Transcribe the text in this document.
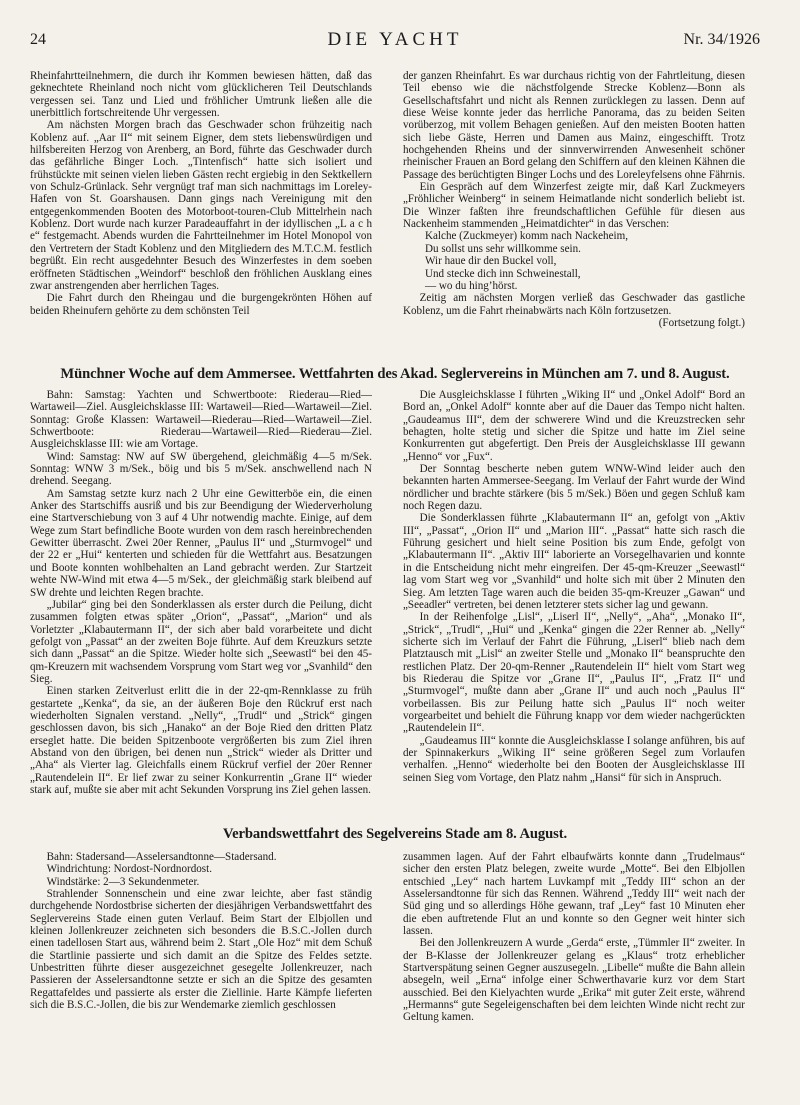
24	DIE YACHT	Nr. 34/1926

Rheinfahrtteilnehmern, die durch ihr Kommen bewiesen hätten, daß das geknechtete Rheinland noch nicht vom glücklicheren Teil Deutschlands vergessen sei. Tanz und Lied und fröhlicher Umtrunk ließen alle die unerbittlich fortschreitende Uhr vergessen.

Am nächsten Morgen brach das Geschwader schon frühzeitig nach Koblenz auf. „Aar II“ mit seinem Eigner, dem stets liebenswürdigen und hilfsbereiten Herzog von Arenberg, an Bord, führte das Geschwader durch das gefährliche Binger Loch. „Tintenfisch“ hatte sich isoliert und frühstückte mit seinen vielen lieben Gästen recht ergiebig in den Sektkellern von Schulz-Grünlack. Sehr vergnügt traf man sich nachmittags im Loreley-Hafen von St. Goarshausen. Dann gings nach Vereinigung mit den entgegenkommenden Booten des Motorboot-touren-Club Mittelrhein nach Koblenz. Dort wurde nach kurzer Paradeauffahrt in der idyllischen „L a c h e“ festgemacht. Abends wurden die Fahrtteilnehmer im Hotel Monopol von den Vertretern der Stadt Koblenz und den Mitgliedern des M.T.C.M. festlich begrüßt. Ein recht ausgedehnter Besuch des Winzerfestes in dem soeben eröffneten Städtischen „Weindorf“ beschloß den fröhlichen Ausklang eines zwar anstrengenden aber herrlichen Tages.

Die Fahrt durch den Rheingau und die burgengekrönten Höhen auf beiden Rheinufern gehörte zu dem schönsten Teil

der ganzen Rheinfahrt. Es war durchaus richtig von der Fahrtleitung, diesen Teil ebenso wie die nächstfolgende Strecke Koblenz—Bonn als Gesellschaftsfahrt und nicht als Rennen zurücklegen zu lassen. Denn auf diese Weise konnte jeder das herrliche Panorama, das zu beiden Seiten vorüberzog, mit vollem Behagen genießen. Auf den meisten Booten hatten sich liebe Gäste, Herren und Damen aus Mainz, eingeschifft. Trotz hochgehenden Rheins und der sinnverwirrenden Anwesenheit schöner rheinischer Frauen an Bord gelang den Schiffern auf den kleinen Kähnen die Passage des berüchtigten Binger Lochs und des Loreleyfelsens ohne Fährnis.

Ein Gespräch auf dem Winzerfest zeigte mir, daß Karl Zuckmeyers „Fröhlicher Weinberg“ in seinem Heimatlande nicht sonderlich beliebt ist. Die Winzer faßten ihre freundschaftlichen Gefühle für diesen aus Nackenheim stammenden „Heimatdichter“ in das Verschen:

Kalche (Zuckmeyer) komm nach Nackeheim,

Du sollst uns sehr willkomme sein.

Wir haue dir den Buckel voll,

Und stecke dich inn Schweinestall,

— wo du hing’hörst.

Zeitig am nächsten Morgen verließ das Geschwader das gastliche Koblenz, um die Fahrt rheinabwärts nach Köln fortzusetzen.

(Fortsetzung folgt.)

Münchner Woche auf dem Ammersee. Wettfahrten des Akad. Seglervereins in München am 7. und 8. August.

Bahn: Samstag: Yachten und Schwertboote: Riederau—Ried—Wartaweil—Ziel. Ausgleichsklasse III: Wartaweil—Ried—Wartaweil—Ziel. Sonntag: Große Klassen: Wartaweil—Riederau—Ried—Wartaweil—Ziel. Schwertboote: Riederau—Wartaweil—Ried—Riederau—Ziel. Ausgleichsklasse III: wie am Vortage.

Wind: Samstag: NW auf SW übergehend, gleichmäßig 4—5 m/Sek. Sonntag: WNW 3 m/Sek., böig und bis 5 m/Sek. anschwellend nach N drehend. Seegang.

Am Samstag setzte kurz nach 2 Uhr eine Gewitterböe ein, die einen Anker des Startschiffs ausriß und bis zur Beendigung der Wiederverholung eine Startverschiebung von 3 auf 4 Uhr notwendig machte. Einige, auf dem Wege zum Start befindliche Boote wurden von dem rasch hereinbrechenden Gewitter überrascht. Zwei 20er Renner, „Paulus II“ und „Sturmvogel“ und der 22 er „Hui“ kenterten und schieden für die Wettfahrt aus. Besatzungen und Boote konnten wohlbehalten an Land gebracht werden. Zur Startzeit wehte NW-Wind mit etwa 4—5 m/Sek., der gleichmäßig stark bleibend auf SW drehte und leichten Regen brachte.

„Jubilar“ ging bei den Sonderklassen als erster durch die Peilung, dicht zusammen folgten etwas später „Orion“, „Passat“, „Marion“ und als Vorletzter „Klabautermann II“, der sich aber bald vorarbeitete und dicht gefolgt von „Passat“ an der zweiten Boje führte. Auf dem Kreuzkurs setzte sich dann „Passat“ an die Spitze. Wieder holte sich „Seewastl“ bei den 45-qm-Kreuzern mit wachsendem Vorsprung vom Start weg vor „Svanhild“ den Sieg.

Einen starken Zeitverlust erlitt die in der 22-qm-Rennklasse zu früh gestartete „Kenka“, da sie, an der äußeren Boje den Rückruf erst nach wiederholten Signalen verstand. „Nelly“, „Trudl“ und „Strick“ gingen geschlossen davon, bis sich „Hanako“ an der Boje Ried den dritten Platz erseglet hatte. Die beiden Spitzenboote vergrößerten bis zum Ziel ihren Abstand von den übrigen, bei denen nun „Strick“ wieder als Dritter und „Aha“ als Vierter lag. Gleichfalls einem Rückruf verfiel der 20er Renner „Rautendelein II“. Er lief zwar zu seiner Konkurrentin „Grane II“ wieder stark auf, mußte sie aber mit acht Sekunden Vorsprung ins Ziel gehen lassen.

Die Ausgleichsklasse I führten „Wiking II“ und „Onkel Adolf“ Bord an Bord an, „Onkel Adolf“ konnte aber auf die Dauer das Tempo nicht halten. „Gaudeamus III“, dem der schwerere Wind und die Kreuzstrecken sehr behagten, holte stetig und sicher die Spitze und hatte im Ziel seine Konkurrenten gut abgefertigt. Den Preis der Ausgleichsklasse III gewann „Henno“ vor „Fux“.

Der Sonntag bescherte neben gutem WNW-Wind leider auch den bekannten harten Ammersee-Seegang. Im Verlauf der Fahrt wurde der Wind nördlicher und brachte stärkere (bis 5 m/Sek.) Böen und gegen Schluß kam noch Regen dazu.

Die Sonderklassen führte „Klabautermann II“ an, gefolgt von „Aktiv III“, „Passat“, „Orion II“ und „Marion III“. „Passat“ hatte sich rasch die Führung gesichert und hielt seine Position bis zum Ende, gefolgt von „Klabautermann II“. „Aktiv III“ laborierte an Vorsegelhavarien und konnte in die Entscheidung nicht mehr eingreifen. Der 45-qm-Kreuzer „Seewastl“ lag vom Start weg vor „Svanhild“ und holte sich mit über 2 Minuten den Sieg. Am letzten Tage waren auch die beiden 35-qm-Kreuzer „Gawan“ und „Seeadler“ vertreten, bei denen letzterer stets sicher lag und gewann.

In der Reihenfolge „Lisl“, „Liserl II“, „Nelly“, „Aha“, „Monako II“, „Strick“, „Trudl“, „Hui“ und „Kenka“ gingen die 22er Renner ab. „Nelly“ sicherte sich im Verlauf der Fahrt die Führung, „Liserl“ blieb nach dem Platztausch mit „Lisl“ an zweiter Stelle und „Monako II“ beanspruchte den restlichen Platz. Der 20-qm-Renner „Rautendelein II“ hielt vom Start weg bis Riederau die Spitze vor „Grane II“, „Paulus II“, „Fratz II“ und „Sturmvogel“, mußte dann aber „Grane II“ und auch noch „Paulus II“ vorbeilassen. Bis zur Peilung hatte sich „Paulus II“ noch weiter vorgearbeitet und behielt die Führung knapp vor dem wieder nachgerückten „Rautendelein II“.

„Gaudeamus III“ konnte die Ausgleichsklasse I solange anführen, bis auf der Spinnakerkurs „Wiking II“ seine größeren Segel zum Vorlaufen verhalfen. „Henno“ wiederholte bei den Booten der Ausgleichsklasse III seinen Sieg vom Vortage, den Platz nahm „Hansi“ für sich in Anspruch.

Verbandswettfahrt des Segelvereins Stade am 8. August.

Bahn: Stadersand—Asselersandtonne—Stadersand.

Windrichtung: Nordost-Nordnordost.

Windstärke: 2—3 Sekundenmeter.

Strahlender Sonnenschein und eine zwar leichte, aber fast ständig durchgehende Nordostbrise sicherten der diesjährigen Verbandswettfahrt des Seglervereins Stade einen guten Verlauf. Beim Start der Elbjollen und kleinen Jollenkreuzer zeichneten sich besonders die B.S.C.-Jollen durch einen tadellosen Start aus, während beim 2. Start „Ole Hoz“ mit dem Schuß die Startlinie passierte und sich damit an die Spitze des Feldes setzte. Unbestritten führte dieser ausgezeichnet gesegelte Jollenkreuzer, nach Passieren der Asselersandtonne setzte er sich an die Spitze des gesamten Regattafeldes und passierte als erster die Ziellinie. Harte Kämpfe lieferten sich die B.S.C.-Jollen, die bis zur Wendemarke ziemlich geschlossen

zusammen lagen. Auf der Fahrt elbaufwärts konnte dann „Trudelmaus“ sicher den ersten Platz belegen, zweite wurde „Motte“. Bei den Elbjollen entschied „Ley“ nach hartem Luvkampf mit „Teddy III“ schon an der Asselersandtonne für sich das Rennen. Während „Teddy III“ weit nach der Süd ging und so allerdings Höhe gewann, traf „Ley“ fast 10 Minuten eher die eben auftretende Flut an und konnte so den Gegner weit hinter sich lassen.

Bei den Jollenkreuzern A wurde „Gerda“ erste, „Tümmler II“ zweiter. In der B-Klasse der Jollenkreuzer gelang es „Klaus“ trotz erheblicher Startverspätung seinen Gegner auszusegeln. „Libelle“ mußte die Bahn allein absegeln, weil „Erna“ infolge einer Schwerthavarie kurz vor dem Start ausschied. Bei den Kielyachten wurde „Erika“ mit guter Zeit erste, während „Hermanns“ gute Segeleigenschaften bei dem leichten Winde nicht recht zur Geltung kamen.
